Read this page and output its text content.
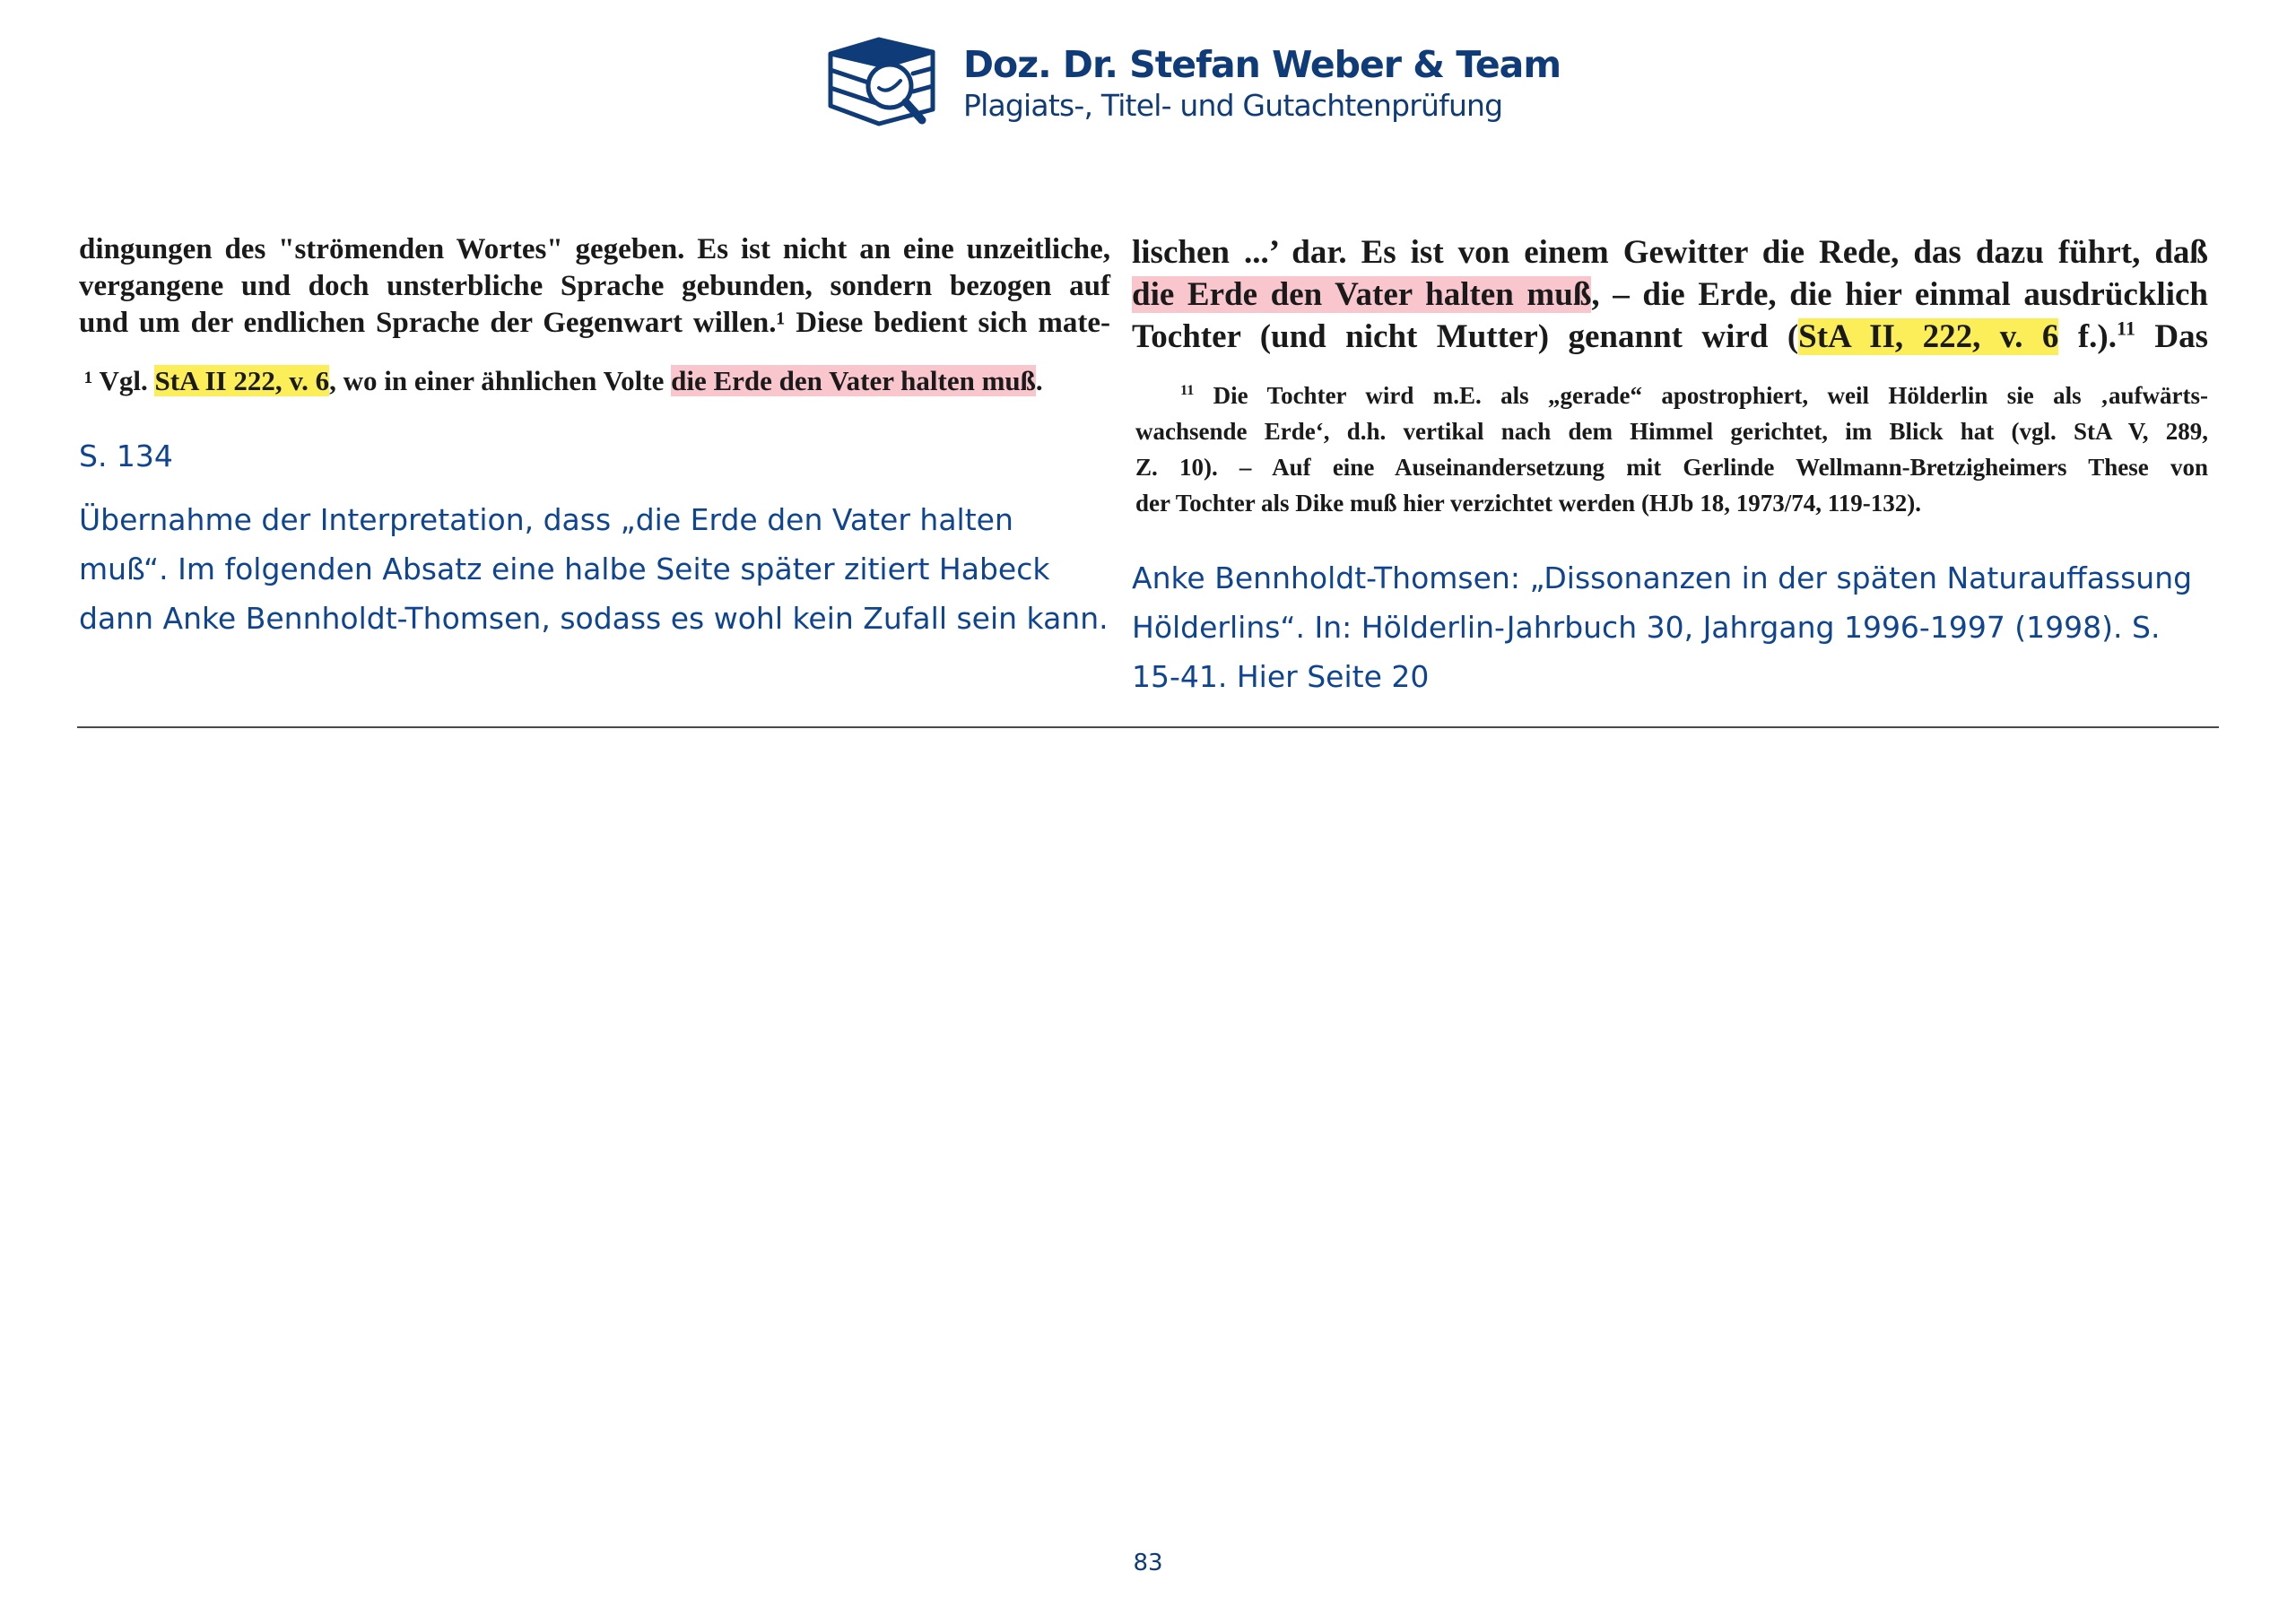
Doz. Dr. Stefan Weber & Team
Plagiats-, Titel- und Gutachtenprüfung
dingungen des "strömenden Wortes" gegeben. Es ist nicht an eine unzeitliche,
vergangene und doch unsterbliche Sprache gebunden, sondern bezogen auf
und um der endlichen Sprache der Gegenwart willen.¹ Diese bedient sich mate-
¹ Vgl. StA II 222, v. 6, wo in einer ähnlichen Volte die Erde den Vater halten muß.
S. 134
Übernahme der Interpretation, dass „die Erde den Vater halten muß“. Im folgenden Absatz eine halbe Seite später zitiert Habeck dann Anke Bennholdt-Thomsen, sodass es wohl kein Zufall sein kann.
lischen ...’ dar. Es ist von einem Gewitter die Rede, das dazu führt, daß
die Erde den Vater halten muß, – die Erde, die hier einmal ausdrücklich
Tochter (und nicht Mutter) genannt wird (StA II, 222, v. 6 f.).$^{11}$ Das
$^{11}$ Die Tochter wird m.E. als „gerade“ apostrophiert, weil Hölderlin sie als ‚aufwärts-
wachsende Erde‘, d.h. vertikal nach dem Himmel gerichtet, im Blick hat (vgl. StA V, 289,
Z. 10). – Auf eine Auseinandersetzung mit Gerlinde Wellmann-Bretzigheimers These von
der Tochter als Dike muß hier verzichtet werden (HJb 18, 1973/74, 119-132).
Anke Bennholdt-Thomsen: „Dissonanzen in der späten Naturauffassung Hölderlins“. In: Hölderlin-Jahrbuch 30, Jahrgang 1996-1997 (1998). S. 15-41. Hier Seite 20
83
